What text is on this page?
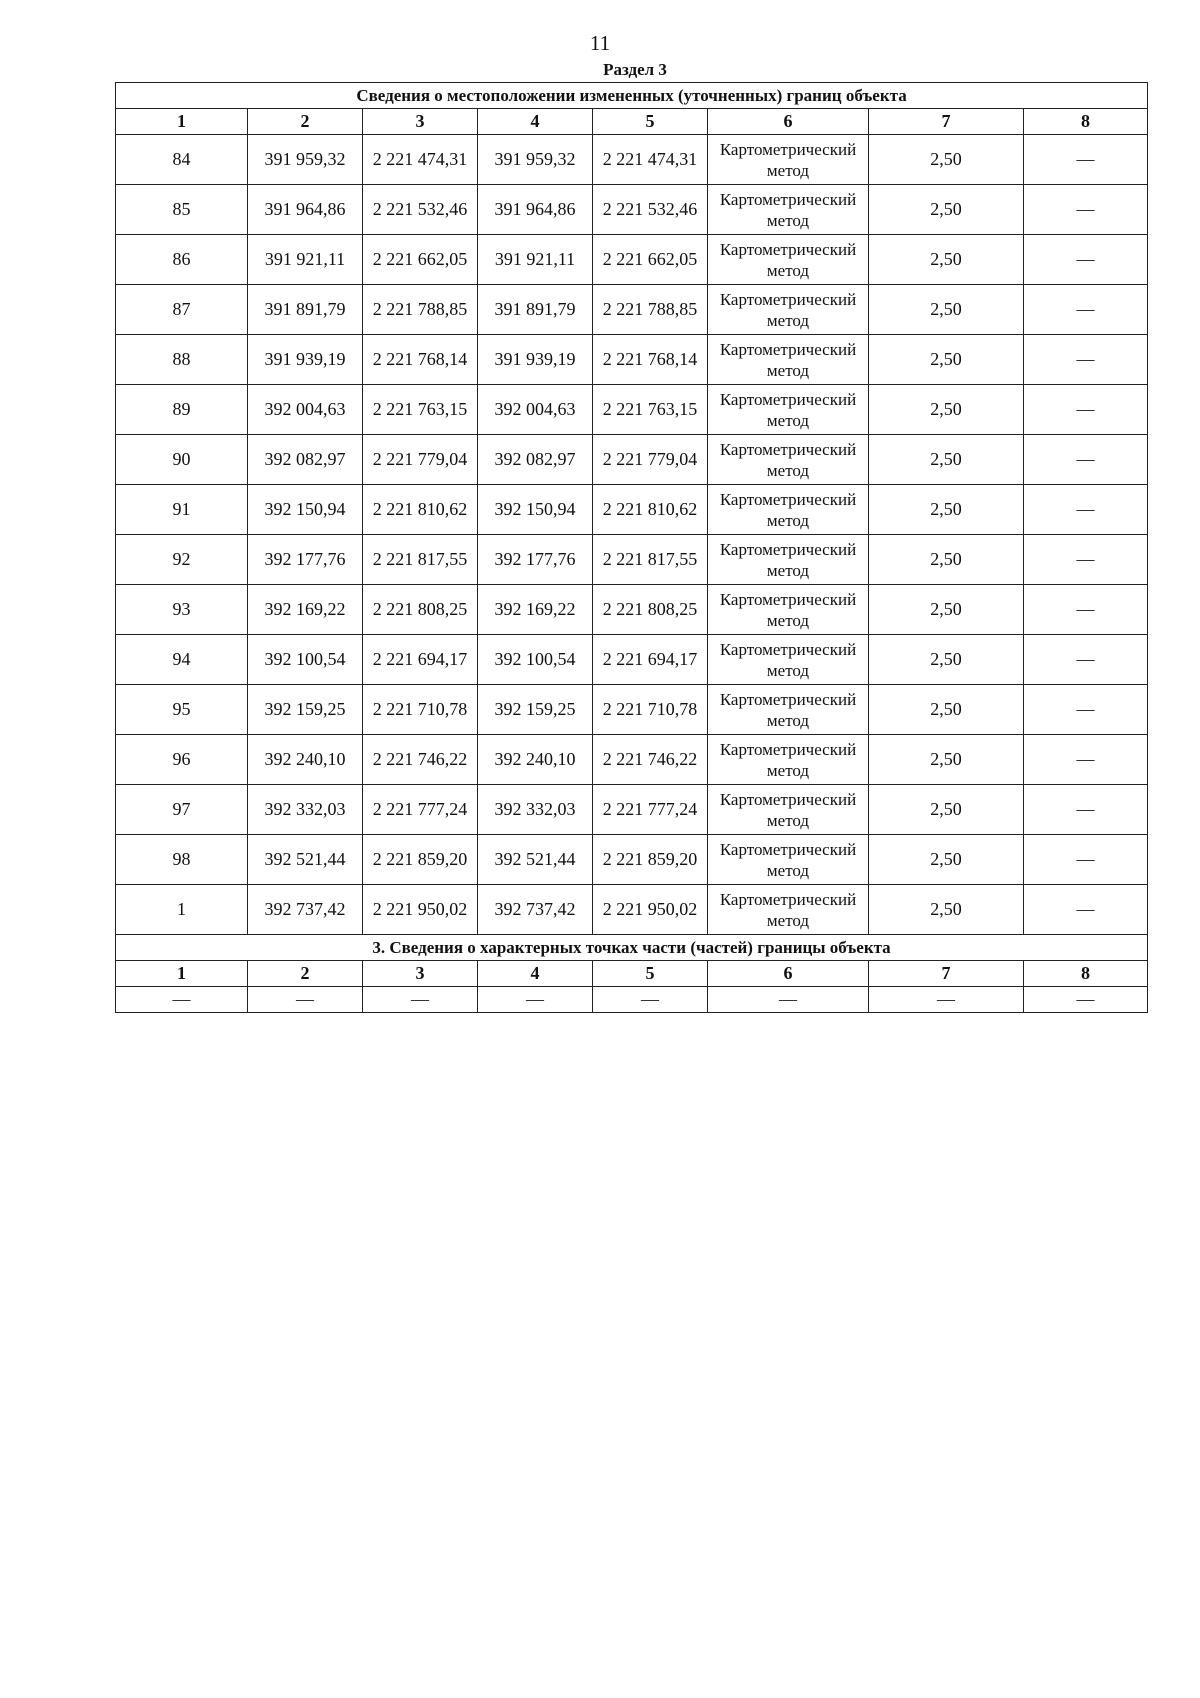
11
Раздел 3
Сведения о местоположении измененных (уточненных) границ объекта							
1	2	3	4	5	6	7	8
84	391 959,32	2 221 474,31	391 959,32	2 221 474,31	Картометрический метод	2,50	—
85	391 964,86	2 221 532,46	391 964,86	2 221 532,46	Картометрический метод	2,50	—
86	391 921,11	2 221 662,05	391 921,11	2 221 662,05	Картометрический метод	2,50	—
87	391 891,79	2 221 788,85	391 891,79	2 221 788,85	Картометрический метод	2,50	—
88	391 939,19	2 221 768,14	391 939,19	2 221 768,14	Картометрический метод	2,50	—
89	392 004,63	2 221 763,15	392 004,63	2 221 763,15	Картометрический метод	2,50	—
90	392 082,97	2 221 779,04	392 082,97	2 221 779,04	Картометрический метод	2,50	—
91	392 150,94	2 221 810,62	392 150,94	2 221 810,62	Картометрический метод	2,50	—
92	392 177,76	2 221 817,55	392 177,76	2 221 817,55	Картометрический метод	2,50	—
93	392 169,22	2 221 808,25	392 169,22	2 221 808,25	Картометрический метод	2,50	—
94	392 100,54	2 221 694,17	392 100,54	2 221 694,17	Картометрический метод	2,50	—
95	392 159,25	2 221 710,78	392 159,25	2 221 710,78	Картометрический метод	2,50	—
96	392 240,10	2 221 746,22	392 240,10	2 221 746,22	Картометрический метод	2,50	—
97	392 332,03	2 221 777,24	392 332,03	2 221 777,24	Картометрический метод	2,50	—
98	392 521,44	2 221 859,20	392 521,44	2 221 859,20	Картометрический метод	2,50	—
1	392 737,42	2 221 950,02	392 737,42	2 221 950,02	Картометрический метод	2,50	—
3. Сведения о характерных точках части (частей) границы объекта							
1	2	3	4	5	6	7	8
—	—	—	—	—	—	—	—
